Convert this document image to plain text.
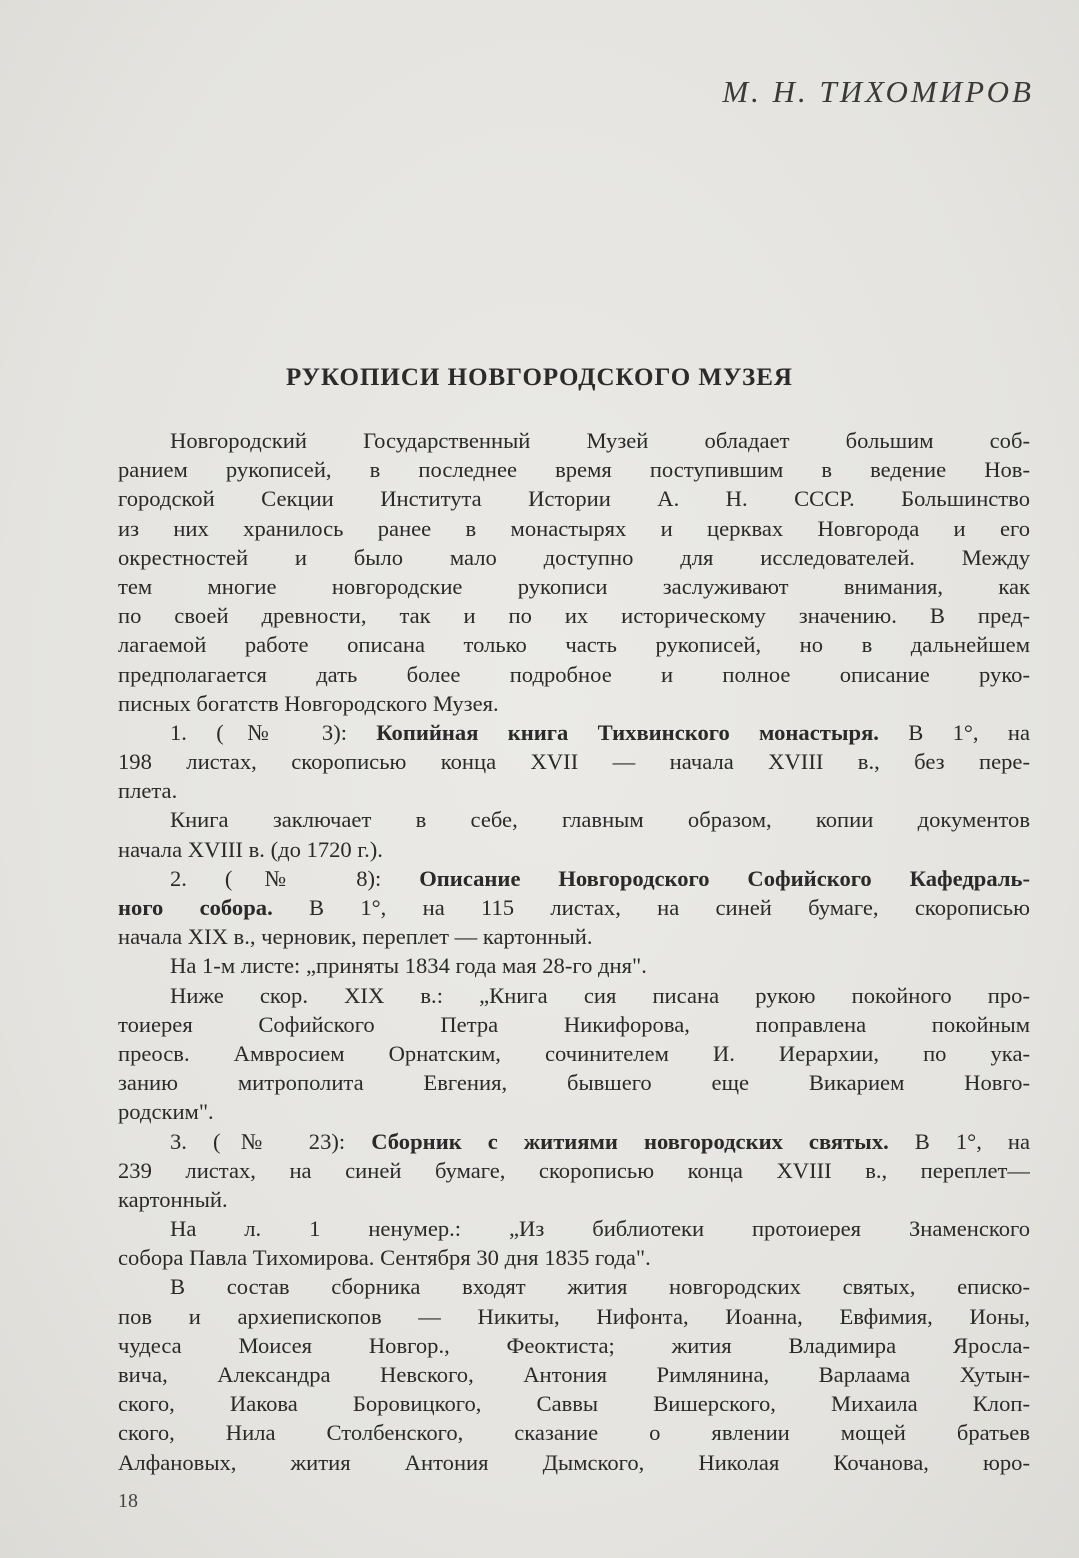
М. Н. ТИХОМИРОВ
РУКОПИСИ НОВГОРОДСКОГО МУЗЕЯ
Новгородский Государственный Музей обладает большим соб-
ранием рукописей, в последнее время поступившим в ведение Нов-
городской Секции Института Истории А. Н. СССР. Большинство
из них хранилось ранее в монастырях и церквах Новгорода и его
окрестностей и было мало доступно для исследователей. Между
тем многие новгородские рукописи заслуживают внимания, как
по своей древности, так и по их историческому значению. В пред-
лагаемой работе описана только часть рукописей, но в дальнейшем
предполагается дать более подробное и полное описание руко-
писных богатств Новгородского Музея.
1. (№ 3): Копийная книга Тихвинского монастыря. В 1°, на
198 листах, скорописью конца XVII — начала XVIII в., без пере-
плета.
Книга заключает в себе, главным образом, копии документов
начала XVIII в. (до 1720 г.).
2. (№ 8): Описание Новгородского Софийского Кафедраль-
ного собора. В 1°, на 115 листах, на синей бумаге, скорописью
начала XIX в., черновик, переплет — картонный.
На 1-м листе: „приняты 1834 года мая 28-го дня".
Ниже скор. XIX в.: „Книга сия писана рукою покойного про-
тоиерея Софийского Петра Никифорова, поправлена покойным
преосв. Амвросием Орнатским, сочинителем И. Иерархии, по ука-
занию митрополита Евгения, бывшего еще Викарием Новго-
родским".
3. (№ 23): Сборник с житиями новгородских святых. В 1°, на
239 листах, на синей бумаге, скорописью конца XVIII в., переплет—
картонный.
На л. 1 ненумер.: „Из библиотеки протоиерея Знаменского
собора Павла Тихомирова. Сентября 30 дня 1835 года".
В состав сборника входят жития новгородских святых, еписко-
пов и архиепископов — Никиты, Нифонта, Иоанна, Евфимия, Ионы,
чудеса Моисея Новгор., Феоктиста; жития Владимира Яросла-
вича, Александра Невского, Антония Римлянина, Варлаама Хутын-
ского, Иакова Боровицкого, Саввы Вишерского, Михаила Клоп-
ского, Нила Столбенского, сказание о явлении мощей братьев
Алфановых, жития Антония Дымского, Николая Кочанова, юро-
18
